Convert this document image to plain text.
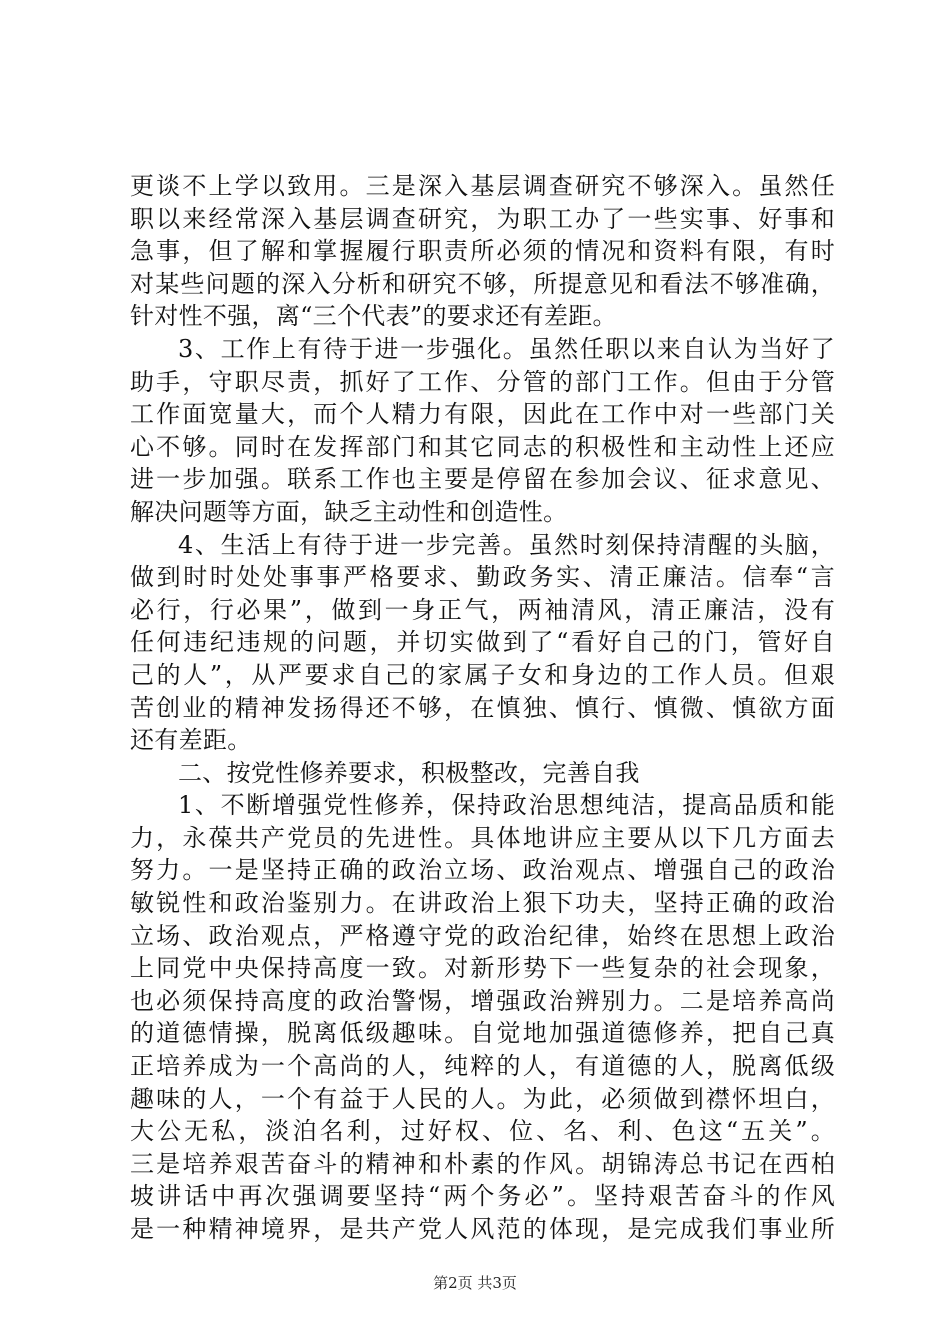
更谈不上学以致用。三是深入基层调查研究不够深入。虽然任
职以来经常深入基层调查研究，为职工办了一些实事、好事和
急事，但了解和掌握履行职责所必须的情况和资料有限，有时
对某些问题的深入分析和研究不够，所提意见和看法不够准确，
针对性不强，离“三个代表”的要求还有差距。
3、工作上有待于进一步强化。虽然任职以来自认为当好了
助手，守职尽责，抓好了工作、分管的部门工作。但由于分管
工作面宽量大，而个人精力有限，因此在工作中对一些部门关
心不够。同时在发挥部门和其它同志的积极性和主动性上还应
进一步加强。联系工作也主要是停留在参加会议、征求意见、
解决问题等方面，缺乏主动性和创造性。
4、生活上有待于进一步完善。虽然时刻保持清醒的头脑，
做到时时处处事事严格要求、勤政务实、清正廉洁。信奉“言
必行，行必果”，做到一身正气，两袖清风，清正廉洁，没有
任何违纪违规的问题，并切实做到了“看好自己的门，管好自
己的人”，从严要求自己的家属子女和身边的工作人员。但艰
苦创业的精神发扬得还不够，在慎独、慎行、慎微、慎欲方面
还有差距。
二、按党性修养要求，积极整改，完善自我
1、不断增强党性修养，保持政治思想纯洁，提高品质和能
力，永葆共产党员的先进性。具体地讲应主要从以下几方面去
努力。一是坚持正确的政治立场、政治观点、增强自己的政治
敏锐性和政治鉴别力。在讲政治上狠下功夫，坚持正确的政治
立场、政治观点，严格遵守党的政治纪律，始终在思想上政治
上同党中央保持高度一致。对新形势下一些复杂的社会现象，
也必须保持高度的政治警惕，增强政治辨别力。二是培养高尚
的道德情操，脱离低级趣味。自觉地加强道德修养，把自己真
正培养成为一个高尚的人，纯粹的人，有道德的人，脱离低级
趣味的人，一个有益于人民的人。为此，必须做到襟怀坦白，
大公无私，淡泊名利，过好权、位、名、利、色这“五关”。
三是培养艰苦奋斗的精神和朴素的作风。胡锦涛总书记在西柏
坡讲话中再次强调要坚持“两个务必”。坚持艰苦奋斗的作风
是一种精神境界，是共产党人风范的体现，是完成我们事业所
第2页 共3页
